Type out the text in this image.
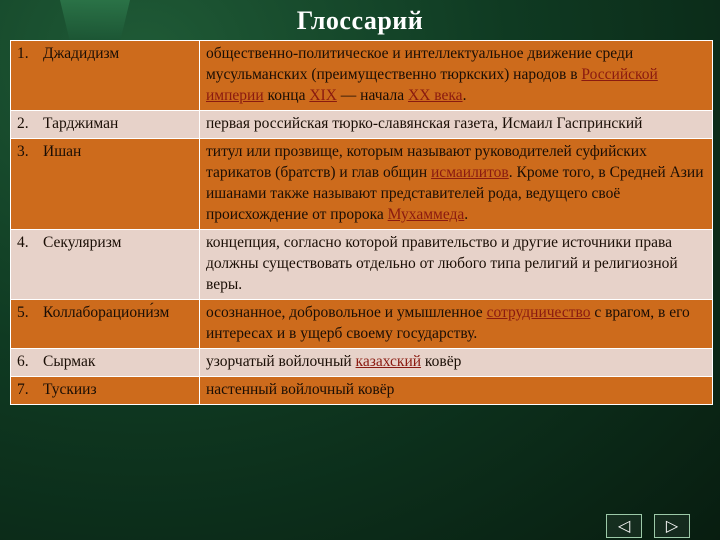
Глоссарий
1. Джадидизм	общественно-политическое и интеллектуальное движение среди мусульманских (преимущественно тюркских) народов в Российской империи конца XIX — начала XX века.
2. Тарджиман	первая российская тюрко-славянская газета, Исмаил Гаспринский
3. Ишан	титул или прозвище, которым называют руководителей суфийских тарикатов (братств) и глав общин исмаилитов. Кроме того, в Средней Азии ишанами также называют представителей рода, ведущего своё происхождение от пророка Мухаммеда.
4. Секуляризм	концепция, согласно которой правительство и другие источники права должны существовать отдельно от любого типа религий и религиозной веры.
5. Коллаборациони́зм	осознанное, добровольное и умышленное сотрудничество с врагом, в его интересах и в ущерб своему государству.
6. Сырмак	узорчатый войлочный казахский ковёр
7. Тускииз	настенный войлочный ковёр
◁ ▷
